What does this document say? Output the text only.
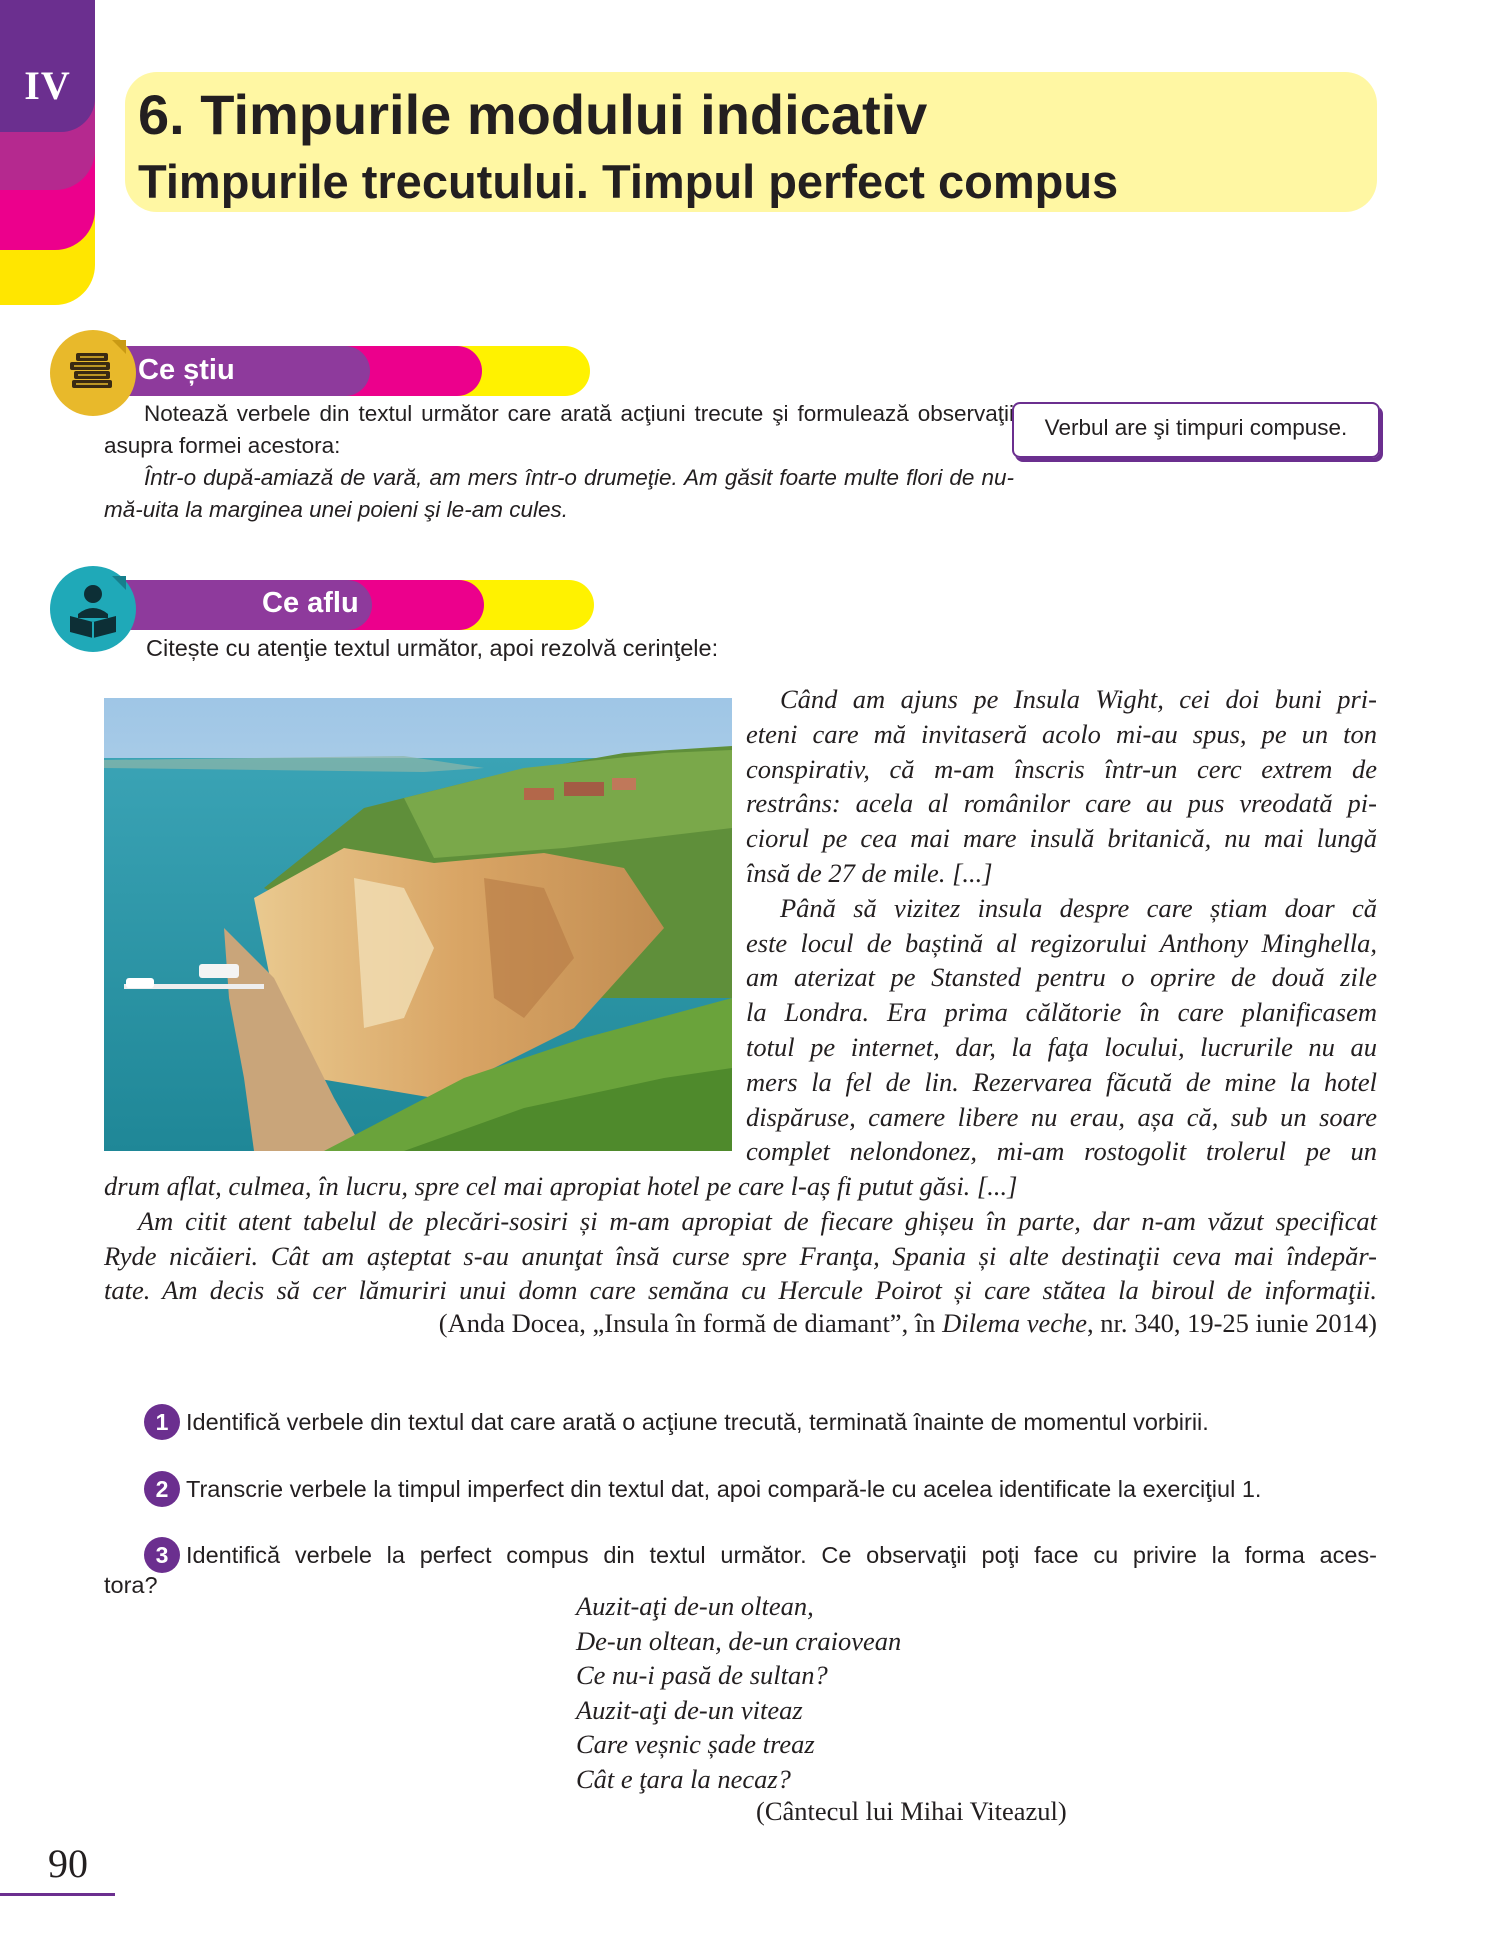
IV	6. Timpurile modului indicativ
Timpurile trecutului. Timpul perfect compus
Ce știu
Notează verbele din textul următor care arată acţiuni trecute şi formulează observaţii asupra formei acestora:
Într-o după-amiază de vară, am mers într-o drumeţie. Am găsit foarte multe flori de nu-mă-uita la marginea unei poieni şi le-am cules.
Verbul are şi timpuri compuse.
Ce aflu
Citește cu atenţie textul următor, apoi rezolvă cerinţele:

Când am ajuns pe Insula Wight, cei doi buni pri-

eteni care mă invitaseră acolo mi-au spus, pe un ton

conspirativ, că m-am înscris într-un cerc extrem de

restrâns: acela al românilor care au pus vreodată pi-

ciorul pe cea mai mare insulă britanică, nu mai lungă

însă de 27 de mile. [...]

Până să vizitez insula despre care știam doar că

este locul de baștină al regizorului Anthony Minghella,

am aterizat pe Stansted pentru o oprire de două zile

la Londra. Era prima călătorie în care planificasem

totul pe internet, dar, la faţa locului, lucrurile nu au

mers la fel de lin. Rezervarea făcută de mine la hotel

dispăruse, camere libere nu erau, așa că, sub un soare

complet nelondonez, mi-am rostogolit trolerul pe un

drum aflat, culmea, în lucru, spre cel mai apropiat hotel pe care l-aș fi putut găsi. [...]

Am citit atent tabelul de plecări-sosiri și m-am apropiat de fiecare ghișeu în parte, dar n-am văzut specificat

Ryde nicăieri. Cât am așteptat s-au anunţat însă curse spre Franţa, Spania și alte destinaţii ceva mai îndepăr-

tate. Am decis să cer lămuriri unui domn care semăna cu Hercule Poirot și care stătea la biroul de informaţii.

(Anda Docea, „Insula în formă de diamant”, în Dilema veche, nr. 340, 19-25 iunie 2014)
1 Identifică verbele din textul dat care arată o acţiune trecută, terminată înainte de momentul vorbirii.
2 Transcrie verbele la timpul imperfect din textul dat, apoi compară-le cu acelea identificate la exerciţiul 1.
3 Identifică verbele la perfect compus din textul următor. Ce observaţii poţi face cu privire la forma aces-
tora?
Auzit-aţi de-un oltean,
De-un oltean, de-un craiovean
Ce nu-i pasă de sultan?
Auzit-aţi de-un viteaz
Care veșnic șade treaz
Cât e ţara la necaz?
(Cântecul lui Mihai Viteazul)
90
